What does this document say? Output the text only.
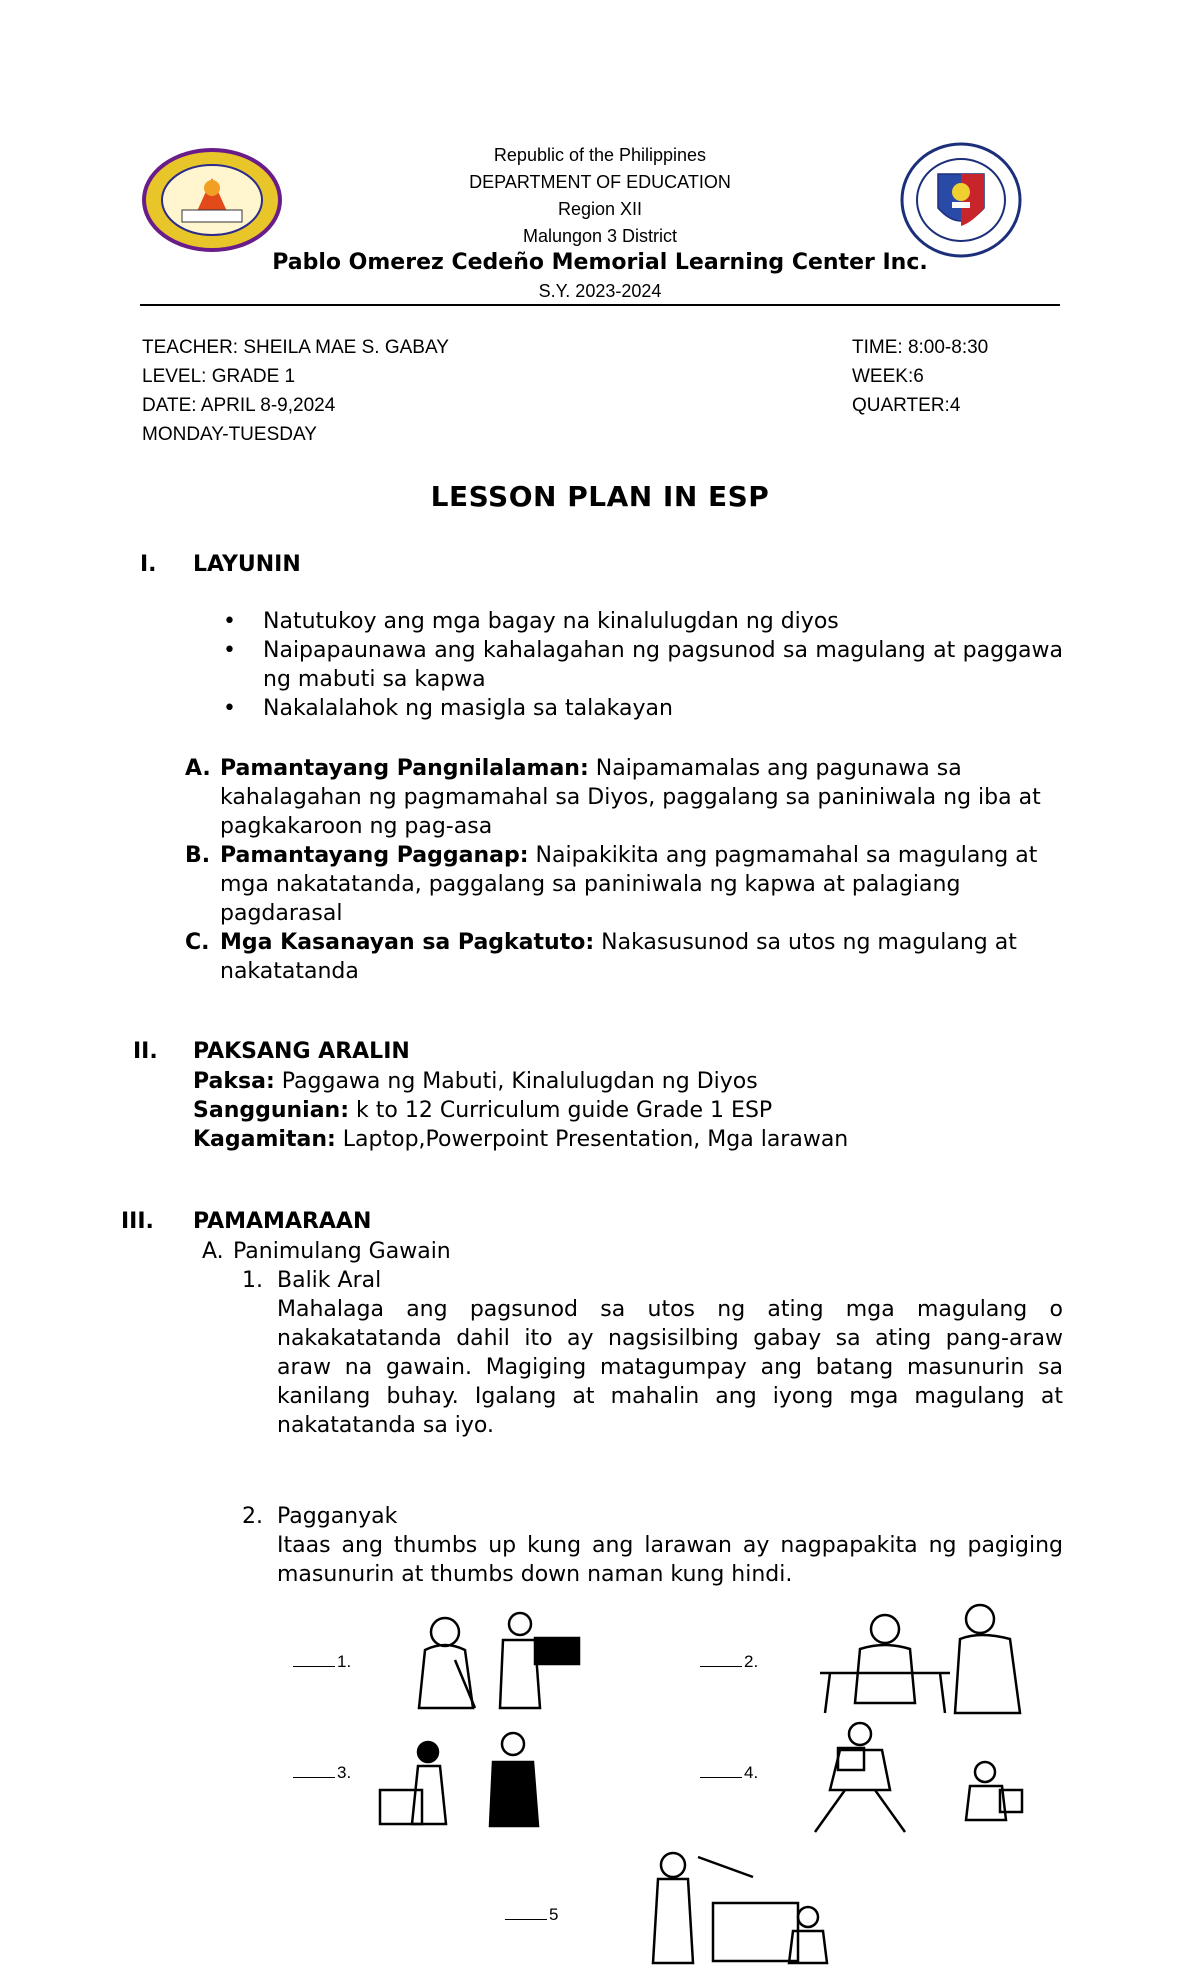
Republic of the Philippines
DEPARTMENT OF EDUCATION
Region XII
Malungon 3 District
Pablo Omerez Cedeño Memorial Learning Center Inc.
S.Y. 2023-2024
TEACHER: SHEILA MAE S. GABAY
LEVEL: GRADE 1
DATE: APRIL 8-9,2024
MONDAY-TUESDAY
TIME: 8:00-8:30
WEEK:6
QUARTER:4
LESSON PLAN IN ESP
I. LAYUNIN
• Natutukoy ang mga bagay na kinalulugdan ng diyos
• Naipapaunawa ang kahalagahan ng pagsunod sa magulang at paggawa ng mabuti sa kapwa
• Nakalalahok ng masigla sa talakayan
A. Pamantayang Pangnilalaman: Naipamamalas ang pagunawa sa kahalagahan ng pagmamahal sa Diyos, paggalang sa paniniwala ng iba at pagkakaroon ng pag-asa
B. Pamantayang Pagganap: Naipakikita ang pagmamahal sa magulang at mga nakatatanda, paggalang sa paniniwala ng kapwa at palagiang pagdarasal
C. Mga Kasanayan sa Pagkatuto: Nakasusunod sa utos ng magulang at nakatatanda
II. PAKSANG ARALIN
Paksa: Paggawa ng Mabuti, Kinalulugdan ng Diyos
Sanggunian: k to 12 Curriculum guide Grade 1 ESP
Kagamitan: Laptop,Powerpoint Presentation, Mga larawan
III. PAMAMARAAN
A. Panimulang Gawain
1. Balik Aral
Mahalaga ang pagsunod sa utos ng ating mga magulang o nakakatatanda dahil ito ay nagsisilbing gabay sa ating pang-araw araw na gawain. Magiging matagumpay ang batang masunurin sa kanilang buhay. Igalang at mahalin ang iyong mga magulang at nakatatanda sa iyo.
2. Pagganyak
Itaas ang thumbs up kung ang larawan ay nagpapakita ng pagiging masunurin at thumbs down naman kung hindi.
1.	2.
3.	4.
5
